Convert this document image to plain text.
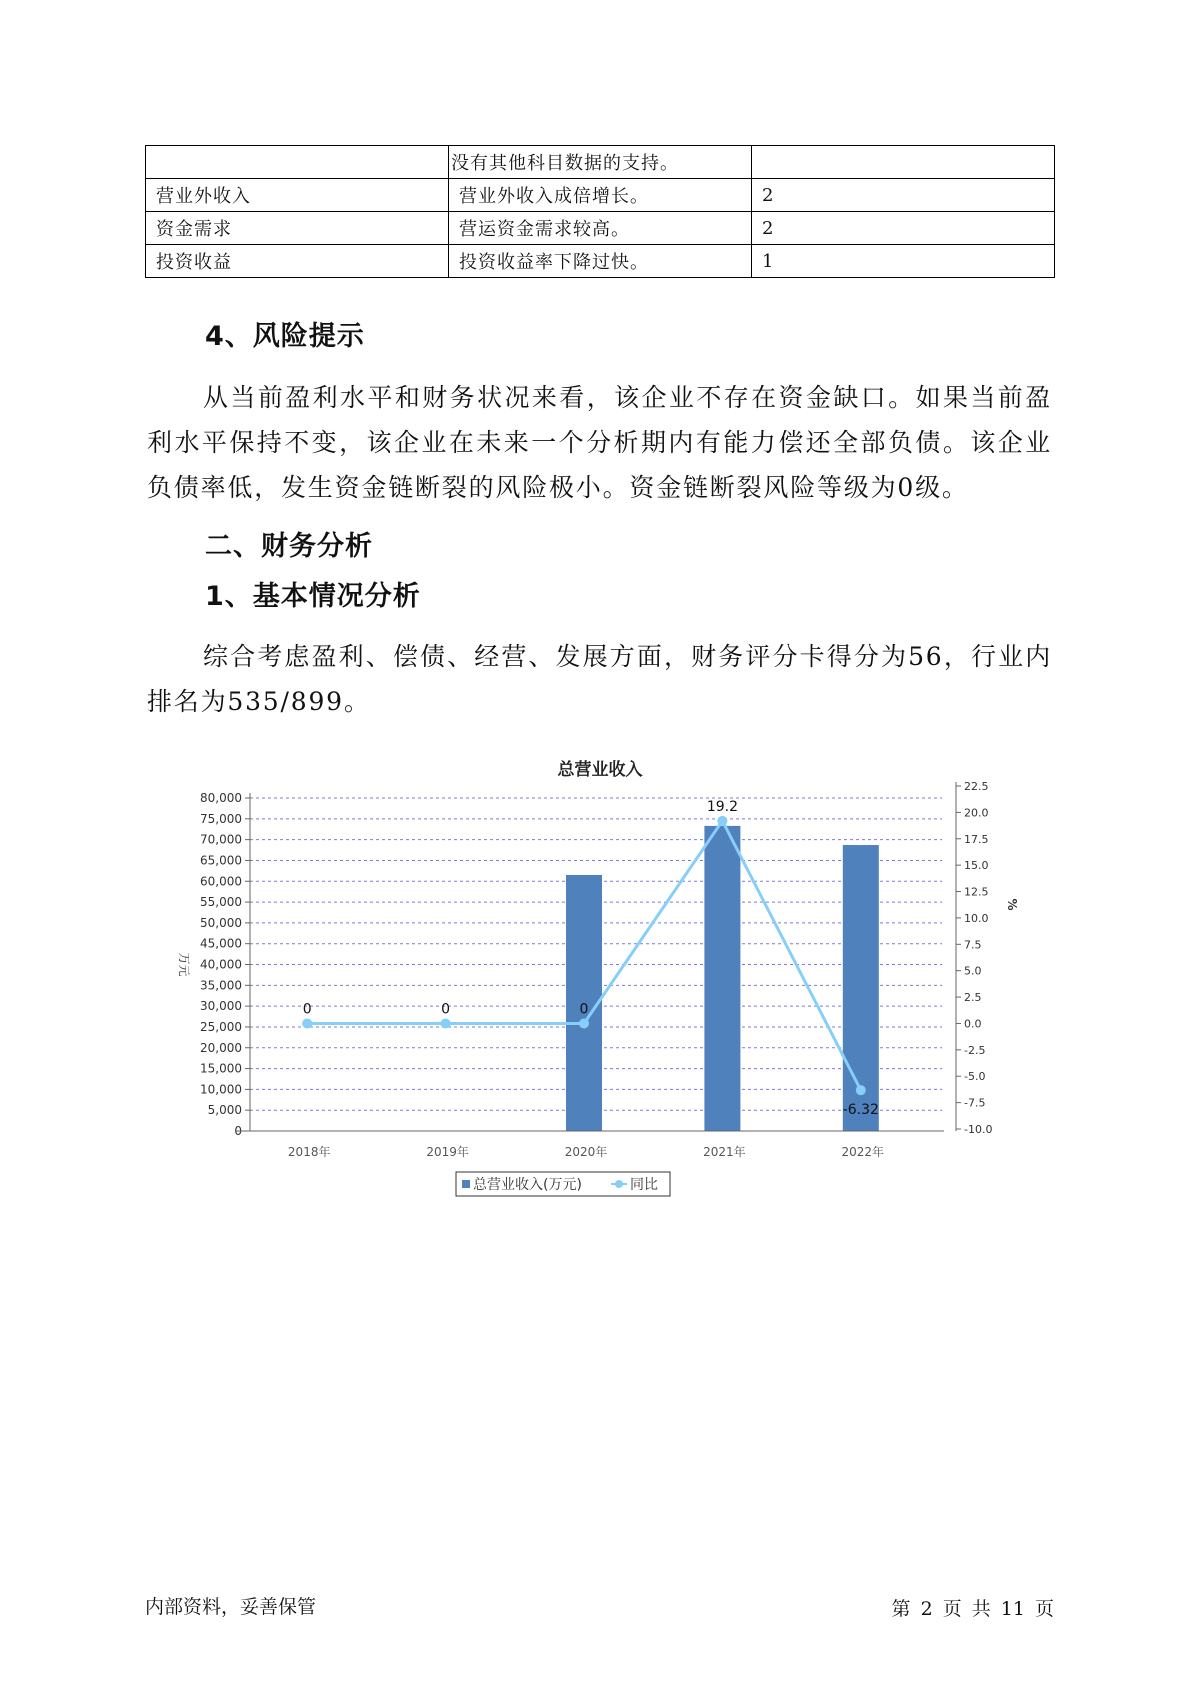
	没有其他科目数据的支持。	
营业外收入	营业外收入成倍增长。	2
资金需求	营运资金需求较高。	2
投资收益	投资收益率下降过快。	1
4、风险提示

从当前盈利水平和财务状况来看，该企业不存在资金缺口。如果当前盈利水平保持不变，该企业在未来一个分析期内有能力偿还全部负债。该企业负债率低，发生资金链断裂的风险极小。资金链断裂风险等级为0级。

二、财务分析
1、基本情况分析

综合考虑盈利、偿债、经营、发展方面，财务评分卡得分为56，行业内排名为535/899。

总营业收入
0
5,000
10,000
15,000
20,000
25,000
30,000
35,000
40,000
45,000
50,000
55,000
60,000
65,000
70,000
75,000
80,000
-10.0
-7.5
-5.0
-2.5
0.0
2.5
5.0
7.5
10.0
12.5
15.0
17.5
20.0
22.5
万元
%
2018年	2019年	2020年	2021年	2022年
0	0	0
19.2
-6.32
总营业收入(万元)	同比
内部资料，妥善保管	第 2 页 共 11 页
